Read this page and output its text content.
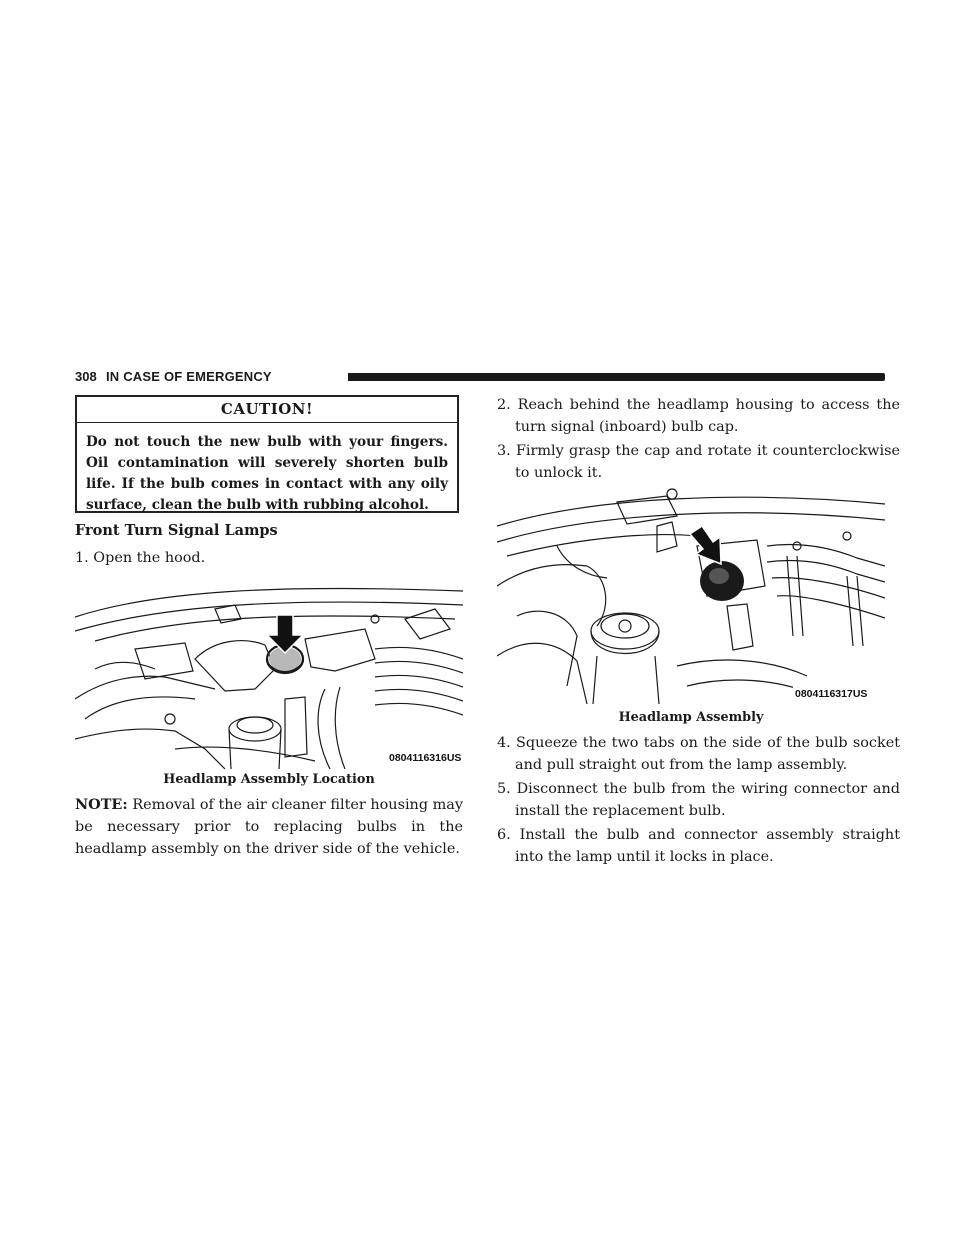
308 IN CASE OF EMERGENCY
CAUTION!
Do not touch the new bulb with your fingers. Oil contamination will severely shorten bulb life. If the bulb comes in contact with any oily surface, clean the bulb with rubbing alcohol.
Front Turn Signal Lamps
1. Open the hood.
0804116316US
Headlamp Assembly Location
NOTE: Removal of the air cleaner filter housing may be necessary prior to replacing bulbs in the headlamp assembly on the driver side of the vehicle.
2. Reach behind the headlamp housing to access the turn signal (inboard) bulb cap.
3. Firmly grasp the cap and rotate it counterclockwise to unlock it.
0804116317US
Headlamp Assembly
4. Squeeze the two tabs on the side of the bulb socket and pull straight out from the lamp assembly.
5. Disconnect the bulb from the wiring connector and install the replacement bulb.
6. Install the bulb and connector assembly straight into the lamp until it locks in place.
